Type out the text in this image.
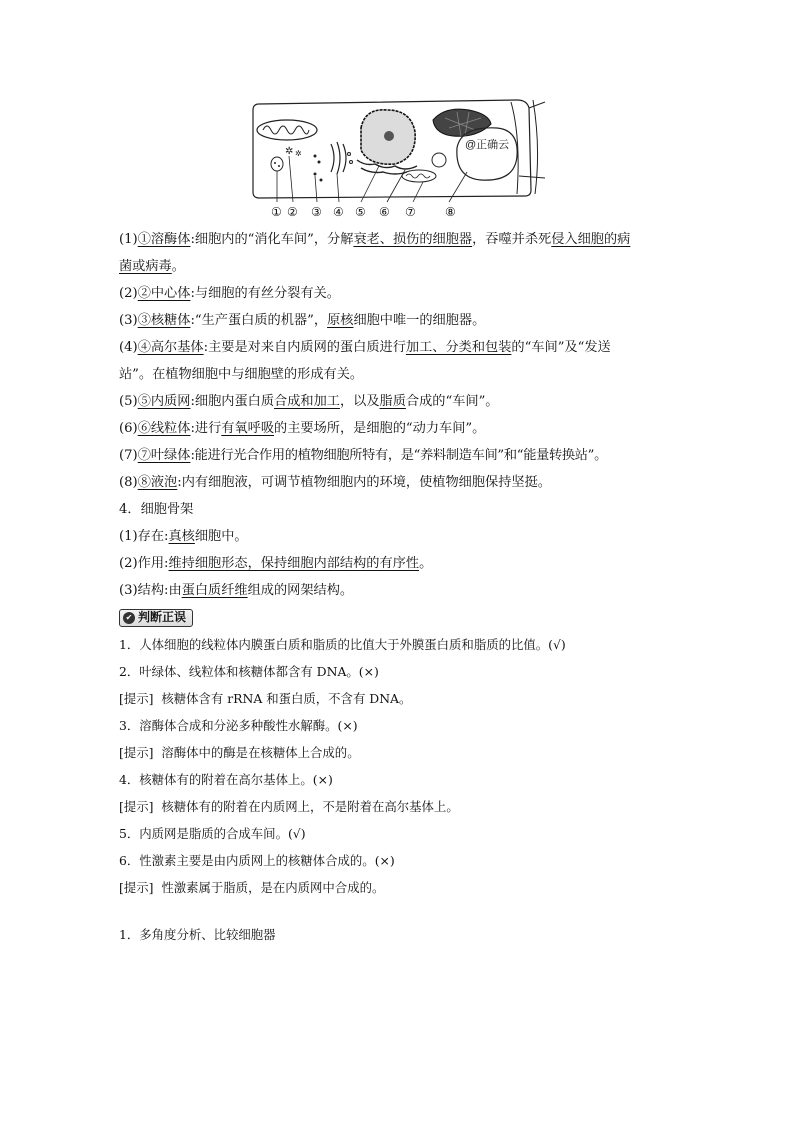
✲ ✲
@正确云
① ② ③ ④ ⑤ ⑥ ⑦ ⑧
(1)①溶酶体:细胞内的“消化车间”，分解衰老、损伤的细胞器，吞噬并杀死侵入细胞的病
菌或病毒。
(2)②中心体:与细胞的有丝分裂有关。
(3)③核糖体:“生产蛋白质的机器”，原核细胞中唯一的细胞器。
(4)④高尔基体:主要是对来自内质网的蛋白质进行加工、分类和包装的“车间”及“发送
站”。在植物细胞中与细胞壁的形成有关。
(5)⑤内质网:细胞内蛋白质合成和加工，以及脂质合成的“车间”。
(6)⑥线粒体:进行有氧呼吸的主要场所，是细胞的“动力车间”。
(7)⑦叶绿体:能进行光合作用的植物细胞所特有，是“养料制造车间”和“能量转换站”。
(8)⑧液泡:内有细胞液，可调节植物细胞内的环境，使植物细胞保持坚挺。
4．细胞骨架
(1)存在:真核细胞中。
(2)作用:维持细胞形态，保持细胞内部结构的有序性。
(3)结构:由蛋白质纤维组成的网架结构。
✔ 判断正误
1．人体细胞的线粒体内膜蛋白质和脂质的比值大于外膜蛋白质和脂质的比值。(√)
2．叶绿体、线粒体和核糖体都含有 DNA。(×)
[提示] 核糖体含有 rRNA 和蛋白质，不含有 DNA。
3．溶酶体合成和分泌多种酸性水解酶。(×)
[提示] 溶酶体中的酶是在核糖体上合成的。
4．核糖体有的附着在高尔基体上。(×)
[提示] 核糖体有的附着在内质网上，不是附着在高尔基体上。
5．内质网是脂质的合成车间。(√)
6．性激素主要是由内质网上的核糖体合成的。(×)
[提示] 性激素属于脂质，是在内质网中合成的。
1．多角度分析、比较细胞器
